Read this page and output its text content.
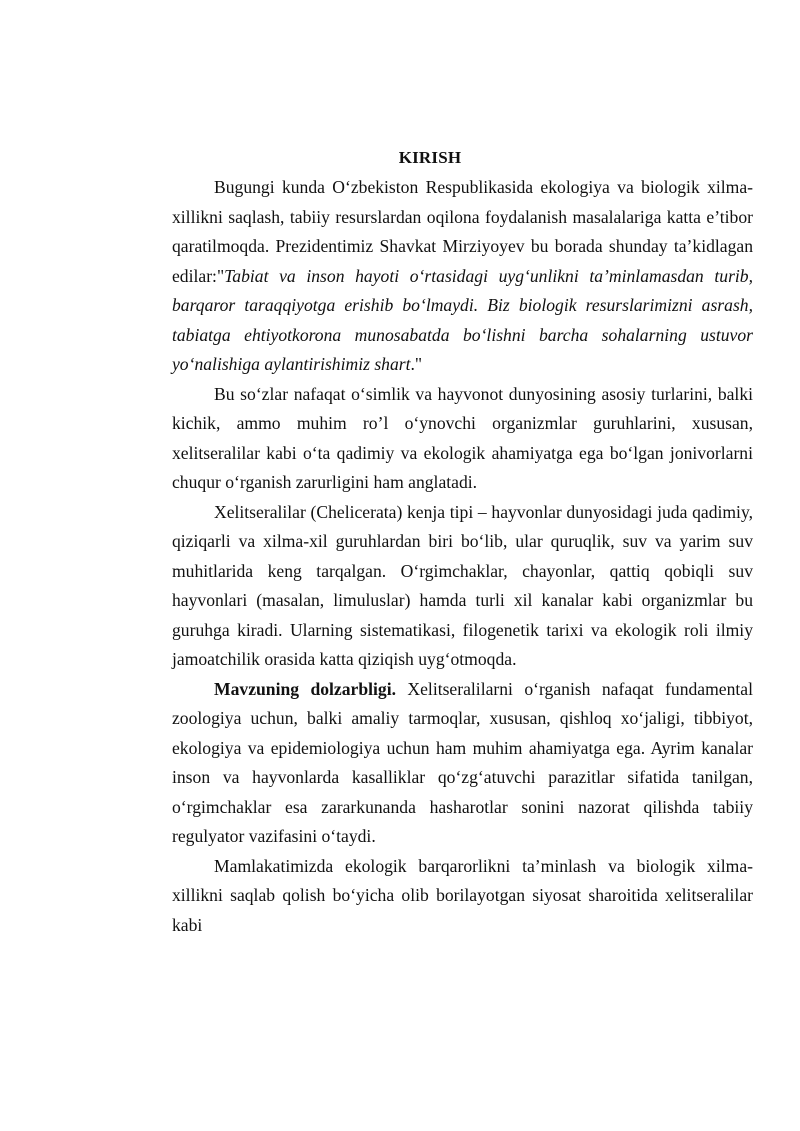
KIRISH

Bugungi kunda O‘zbekiston Respublikasida ekologiya va biologik xilma-xillikni saqlash, tabiiy resurslardan oqilona foydalanish masalalariga katta e’tibor qaratilmoqda. Prezidentimiz Shavkat Mirziyoyev bu borada shunday ta’kidlagan edilar:"Tabiat va inson hayoti o‘rtasidagi uyg‘unlikni ta’minlamasdan turib, barqaror taraqqiyotga erishib bo‘lmaydi. Biz biologik resurslarimizni asrash, tabiatga ehtiyotkorona munosabatda bo‘lishni barcha sohalarning ustuvor yo‘nalishiga aylantirishimiz shart."

Bu so‘zlar nafaqat o‘simlik va hayvonot dunyosining asosiy turlarini, balki kichik, ammo muhim ro’l o‘ynovchi organizmlar guruhlarini, xususan, xelitseralilar kabi o‘ta qadimiy va ekologik ahamiyatga ega bo‘lgan jonivorlarni chuqur o‘rganish zarurligini ham anglatadi.

Xelitseralilar (Chelicerata) kenja tipi – hayvonlar dunyosidagi juda qadimiy, qiziqarli va xilma-xil guruhlardan biri bo‘lib, ular quruqlik, suv va yarim suv muhitlarida keng tarqalgan. O‘rgimchaklar, chayonlar, qattiq qobiqli suv hayvonlari (masalan, limuluslar) hamda turli xil kanalar kabi organizmlar bu guruhga kiradi. Ularning sistematikasi, filogenetik tarixi va ekologik roli ilmiy jamoatchilik orasida katta qiziqish uyg‘otmoqda.

Mavzuning dolzarbligi. Xelitseralilarni o‘rganish nafaqat fundamental zoologiya uchun, balki amaliy tarmoqlar, xususan, qishloq xo‘jaligi, tibbiyot, ekologiya va epidemiologiya uchun ham muhim ahamiyatga ega. Ayrim kanalar inson va hayvonlarda kasalliklar qo‘zg‘atuvchi parazitlar sifatida tanilgan, o‘rgimchaklar esa zararkunanda hasharotlar sonini nazorat qilishda tabiiy regulyator vazifasini o‘taydi.

Mamlakatimizda ekologik barqarorlikni ta’minlash va biologik xilma-xillikni saqlab qolish bo‘yicha olib borilayotgan siyosat sharoitida xelitseralilar kabi
